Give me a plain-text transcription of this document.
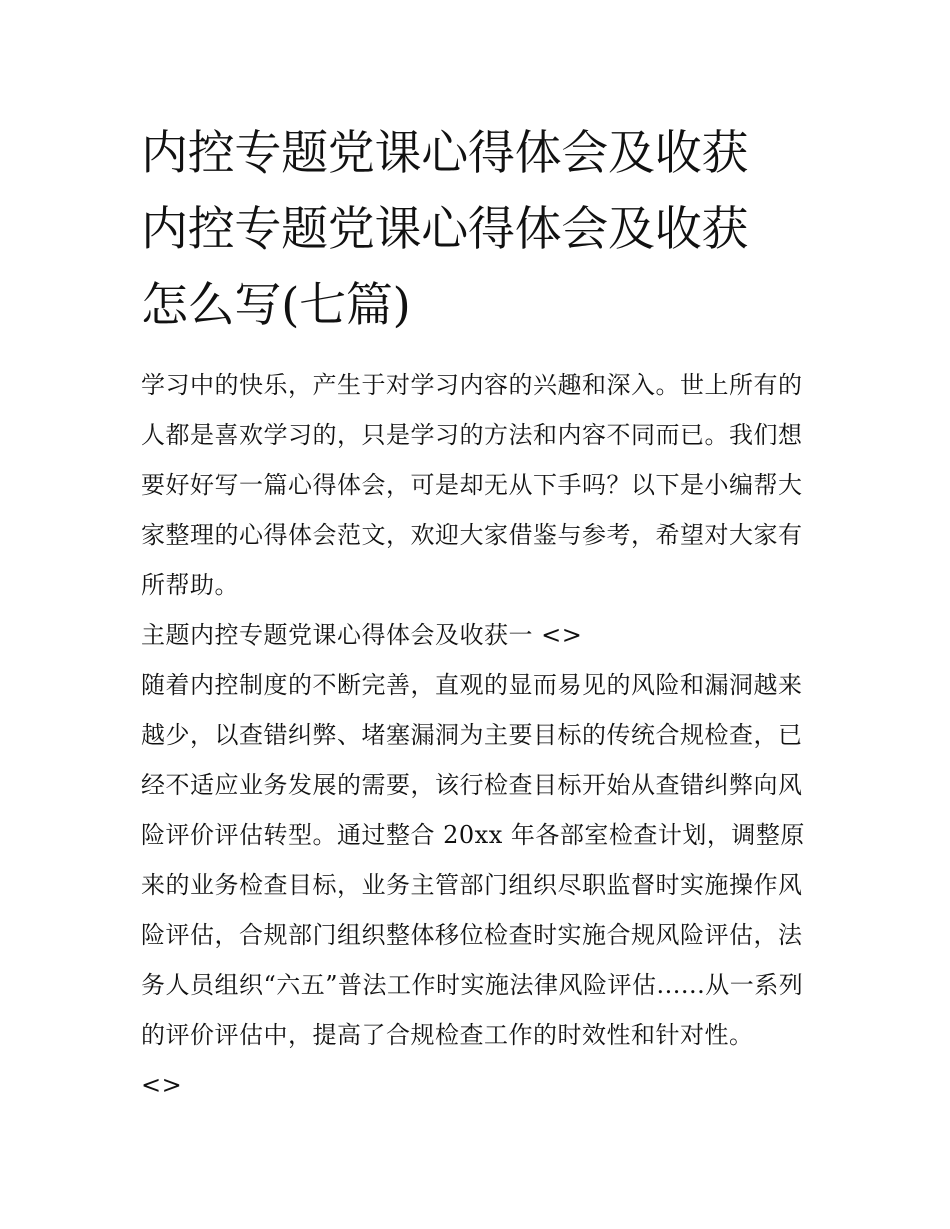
内控专题党课心得体会及收获
内控专题党课心得体会及收获
怎么写(七篇)
学习中的快乐，产生于对学习内容的兴趣和深入。世上所有的
人都是喜欢学习的，只是学习的方法和内容不同而已。我们想
要好好写一篇心得体会，可是却无从下手吗？以下是小编帮大
家整理的心得体会范文，欢迎大家借鉴与参考，希望对大家有
所帮助。
主题内控专题党课心得体会及收获一 <>
随着内控制度的不断完善，直观的显而易见的风险和漏洞越来
越少，以查错纠弊、堵塞漏洞为主要目标的传统合规检查，已
经不适应业务发展的需要，该行检查目标开始从查错纠弊向风
险评价评估转型。通过整合 20xx 年各部室检查计划，调整原
来的业务检查目标，业务主管部门组织尽职监督时实施操作风
险评估，合规部门组织整体移位检查时实施合规风险评估，法
务人员组织“六五”普法工作时实施法律风险评估......从一系列
的评价评估中，提高了合规检查工作的时效性和针对性。
<>
